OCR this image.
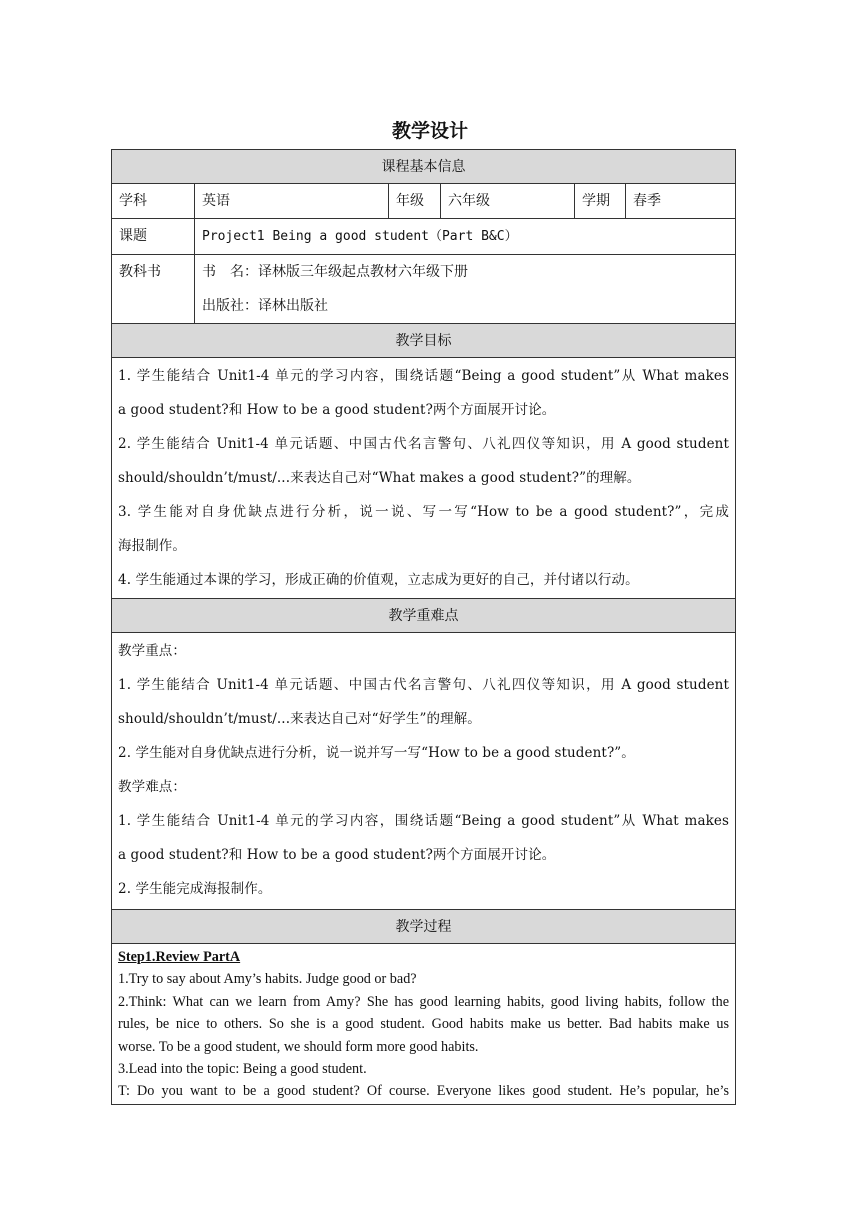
教学设计
课程基本信息
学科	英语	年级	六年级	学期	春季
课题	Project1 Being a good student（Part B&C）
教科书	书　名：译林版三年级起点教材六年级下册
出版社：译林出版社
教学目标
1. 学生能结合 Unit1-4 单元的学习内容，围绕话题“Being a good student”从 What makes
a good student?和 How to be a good student?两个方面展开讨论。
2. 学生能结合 Unit1-4 单元话题、中国古代名言警句、八礼四仪等知识，用 A good student
should/shouldn’t/must/...来表达自己对“What makes a good student?”的理解。
3. 学生能对自身优缺点进行分析，说一说、写一写“How to be a good student?”，完成
海报制作。
4. 学生能通过本课的学习，形成正确的价值观，立志成为更好的自己，并付诸以行动。
教学重难点
教学重点：
1. 学生能结合 Unit1-4 单元话题、中国古代名言警句、八礼四仪等知识，用 A good student
should/shouldn’t/must/...来表达自己对“好学生”的理解。
2. 学生能对自身优缺点进行分析，说一说并写一写“How to be a good student?”。
教学难点：
1. 学生能结合 Unit1-4 单元的学习内容，围绕话题“Being a good student”从 What makes
a good student?和 How to be a good student?两个方面展开讨论。
2. 学生能完成海报制作。
教学过程
Step1.Review PartA
1.Try to say about Amy’s habits. Judge good or bad?
2.Think: What can we learn from Amy? She has good learning habits, good living habits, follow the
rules, be nice to others. So she is a good student. Good habits make us better. Bad habits make us
worse. To be a good student, we should form more good habits.
3.Lead into the topic: Being a good student.
T: Do you want to be a good student? Of course. Everyone likes good student. He’s popular, he’s
